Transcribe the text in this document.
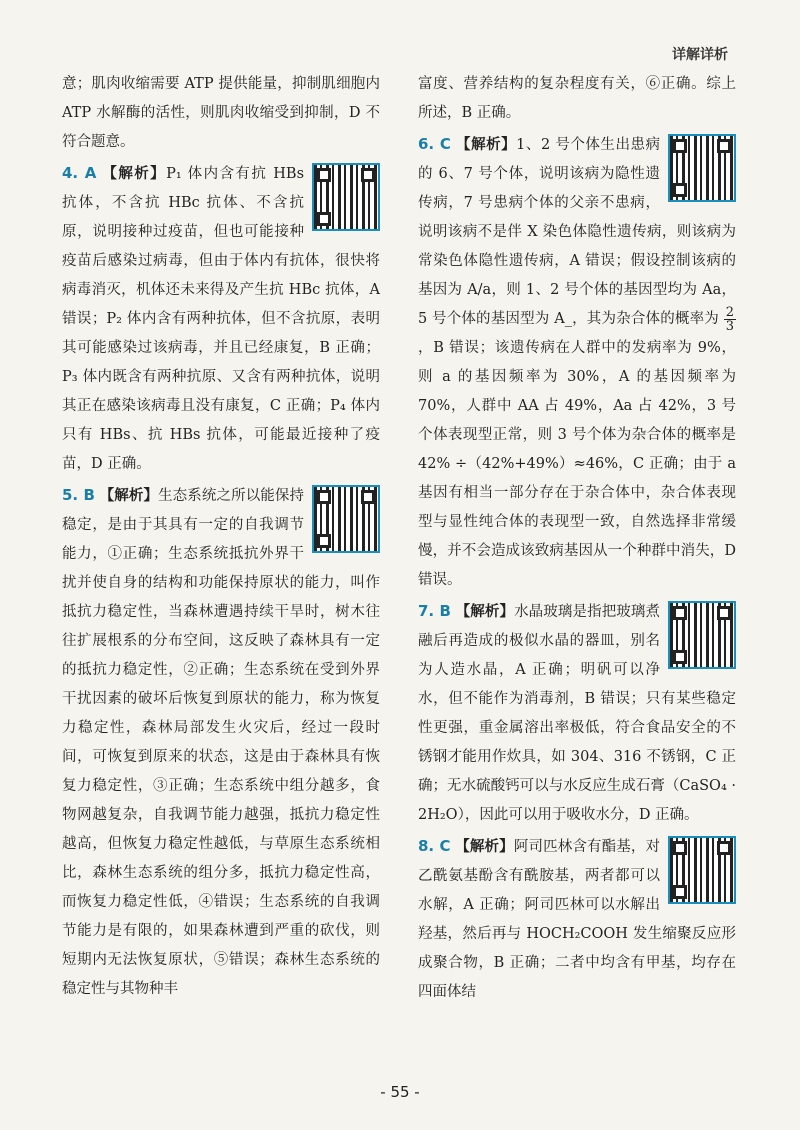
详解详析

意；肌肉收缩需要 ATP 提供能量，抑制肌细胞内 ATP 水解酶的活性，则肌肉收缩受到抑制，D 不符合题意。

4. A 【解析】P₁ 体内含有抗 HBs 抗体，不含抗 HBc 抗体、不含抗原，说明接种过疫苗，但也可能接种疫苗后感染过病毒，但由于体内有抗体，很快将病毒消灭，机体还未来得及产生抗 HBc 抗体，A 错误；P₂ 体内含有两种抗体，但不含抗原，表明其可能感染过该病毒，并且已经康复，B 正确；P₃ 体内既含有两种抗原、又含有两种抗体，说明其正在感染该病毒且没有康复，C 正确；P₄ 体内只有 HBs、抗 HBs 抗体，可能最近接种了疫苗，D 正确。

5. B 【解析】生态系统之所以能保持稳定，是由于其具有一定的自我调节能力，①正确；生态系统抵抗外界干扰并使自身的结构和功能保持原状的能力，叫作抵抗力稳定性，当森林遭遇持续干旱时，树木往往扩展根系的分布空间，这反映了森林具有一定的抵抗力稳定性，②正确；生态系统在受到外界干扰因素的破坏后恢复到原状的能力，称为恢复力稳定性，森林局部发生火灾后，经过一段时间，可恢复到原来的状态，这是由于森林具有恢复力稳定性，③正确；生态系统中组分越多，食物网越复杂，自我调节能力越强，抵抗力稳定性越高，但恢复力稳定性越低，与草原生态系统相比，森林生态系统的组分多，抵抗力稳定性高，而恢复力稳定性低，④错误；生态系统的自我调节能力是有限的，如果森林遭到严重的砍伐，则短期内无法恢复原状，⑤错误；森林生态系统的稳定性与其物种丰

富度、营养结构的复杂程度有关，⑥正确。综上所述，B 正确。

6. C 【解析】1、2 号个体生出患病的 6、7 号个体，说明该病为隐性遗传病，7 号患病个体的父亲不患病，说明该病不是伴 X 染色体隐性遗传病，则该病为常染色体隐性遗传病，A 错误；假设控制该病的基因为 A/a，则 1、2 号个体的基因型均为 Aa，5 号个体的基因型为 A_，其为杂合体的概率为 $\frac{2}{3}$
，B 错误；该遗传病在人群中的发病率为 9%，则 a 的基因频率为 30%，A 的基因频率为 70%，人群中 AA 占 49%，Aa 占 42%，3 号个体表现型正常，则 3 号个体为杂合体的概率是 42% ÷（42%+49%）≈46%，C 正确；由于 a 基因有相当一部分存在于杂合体中，杂合体表现型与显性纯合体的表现型一致，自然选择非常缓慢，并不会造成该致病基因从一个种群中消失，D 错误。

7. B 【解析】水晶玻璃是指把玻璃煮融后再造成的极似水晶的器皿，别名为人造水晶，A 正确；明矾可以净水，但不能作为消毒剂，B 错误；只有某些稳定性更强，重金属溶出率极低，符合食品安全的不锈钢才能用作炊具，如 304、316 不锈钢，C 正确；无水硫酸钙可以与水反应生成石膏（CaSO₄ · 2H₂O），因此可以用于吸收水分，D 正确。

8. C 【解析】阿司匹林含有酯基，对乙酰氨基酚含有酰胺基，两者都可以水解，A 正确；阿司匹林可以水解出羟基，然后再与 HOCH₂COOH 发生缩聚反应形成聚合物，B 正确；二者中均含有甲基，均存在四面体结

- 55 -
